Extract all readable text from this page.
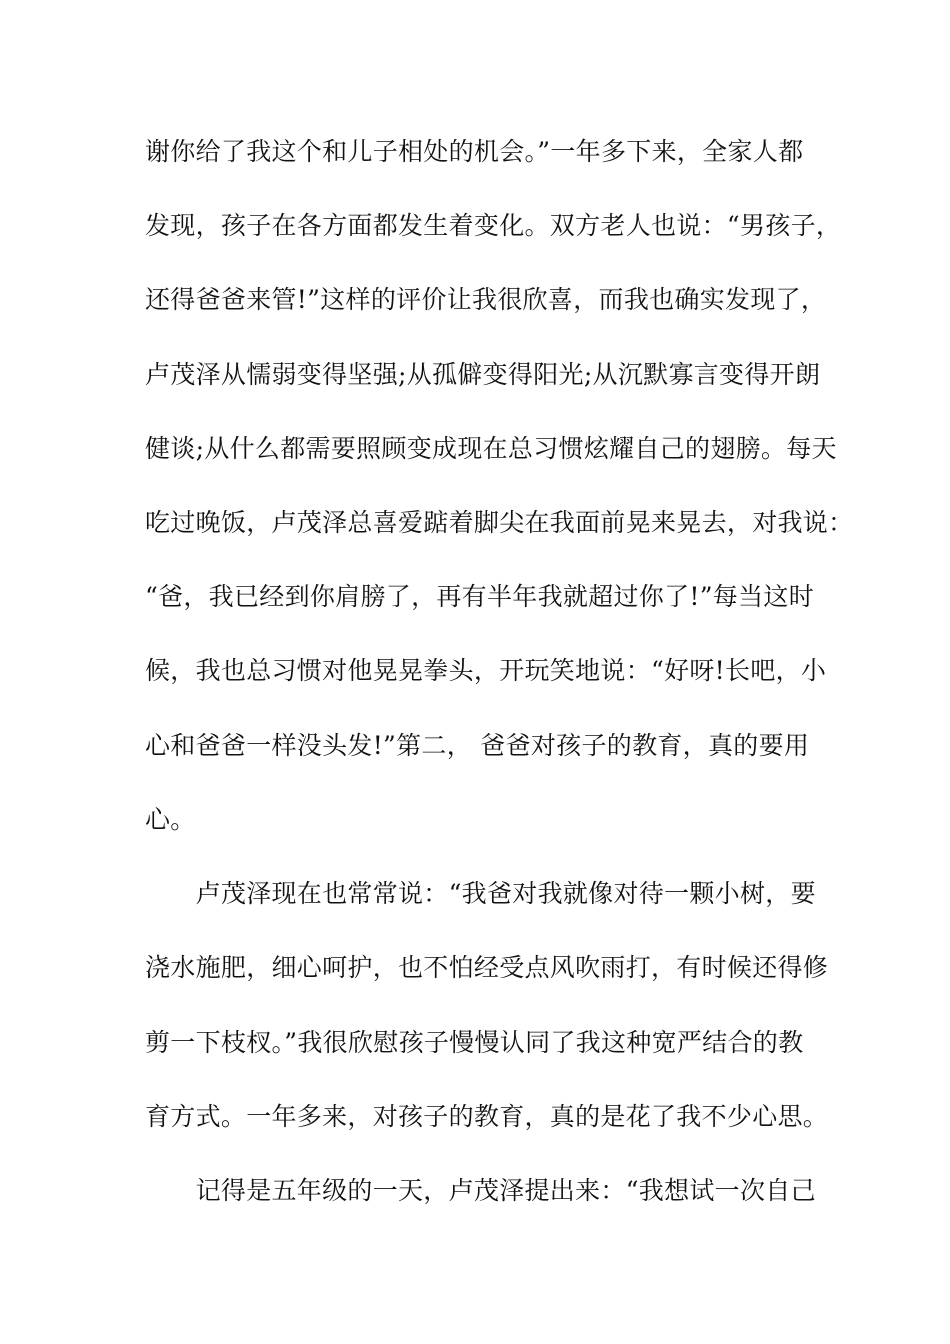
谢你给了我这个和儿子相处的机会。”一年多下来，全家人都
发现，孩子在各方面都发生着变化。双方老人也说：“男孩子，
还得爸爸来管!”这样的评价让我很欣喜，而我也确实发现了，
卢茂泽从懦弱变得坚强;从孤僻变得阳光;从沉默寡言变得开朗
健谈;从什么都需要照顾变成现在总习惯炫耀自己的翅膀。每天
吃过晚饭，卢茂泽总喜爱踮着脚尖在我面前晃来晃去，对我说：
“爸，我已经到你肩膀了，再有半年我就超过你了!”每当这时
候，我也总习惯对他晃晃拳头，开玩笑地说：“好呀!长吧，小
心和爸爸一样没头发!”第二， 爸爸对孩子的教育，真的要用
心。
　　卢茂泽现在也常常说：“我爸对我就像对待一颗小树，要
浇水施肥，细心呵护，也不怕经受点风吹雨打，有时候还得修
剪一下枝杈。”我很欣慰孩子慢慢认同了我这种宽严结合的教
育方式。一年多来，对孩子的教育，真的是花了我不少心思。
　　记得是五年级的一天，卢茂泽提出来：“我想试一次自己
